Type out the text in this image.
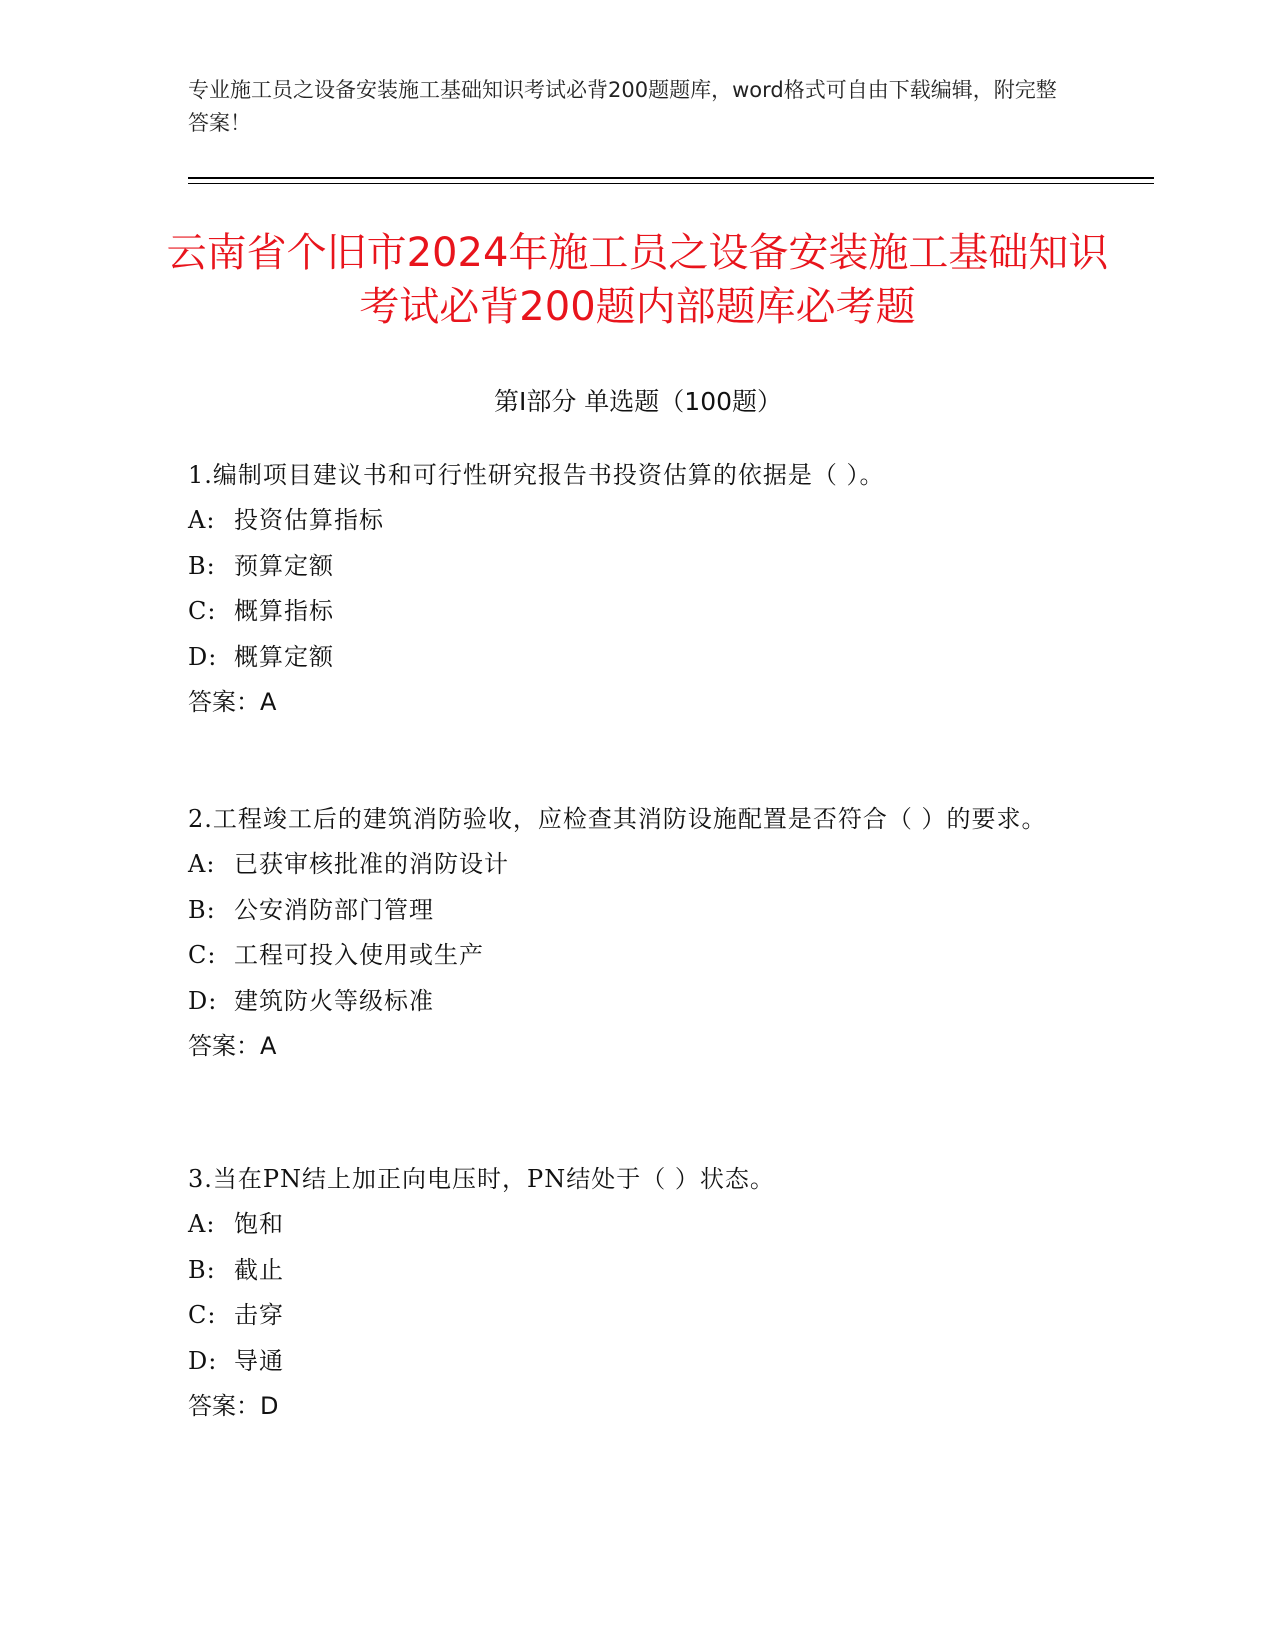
专业施工员之设备安装施工基础知识考试必背200题题库，word格式可自由下载编辑，附完整答案！
云南省个旧市2024年施工员之设备安装施工基础知识考试必背200题内部题库必考题
第I部分 单选题（100题）

1.编制项目建议书和可行性研究报告书投资估算的依据是（ ）。

A: 投资估算指标

B: 预算定额

C: 概算指标

D: 概算定额

答案：A

2.工程竣工后的建筑消防验收，应检查其消防设施配置是否符合（ ）的要求。

A: 已获审核批准的消防设计

B: 公安消防部门管理

C: 工程可投入使用或生产

D: 建筑防火等级标准

答案：A

3.当在PN结上加正向电压时，PN结处于（ ）状态。

A: 饱和

B: 截止

C: 击穿

D: 导通

答案：D
